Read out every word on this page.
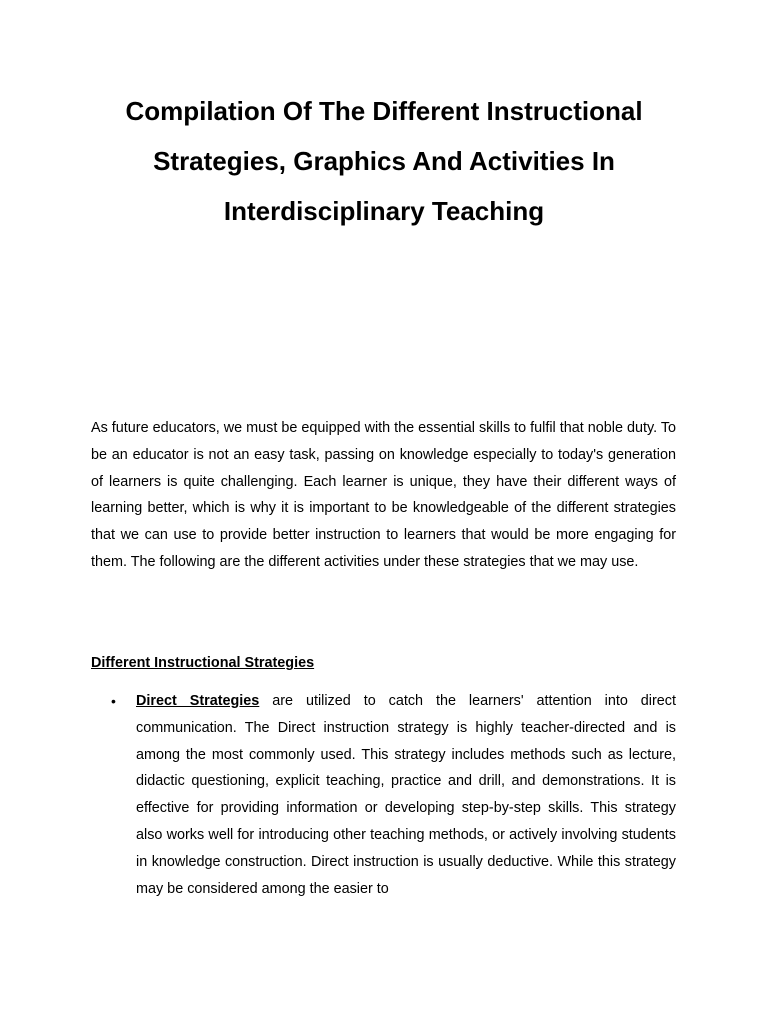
Compilation Of The Different Instructional Strategies, Graphics And Activities In Interdisciplinary Teaching

As future educators, we must be equipped with the essential skills to fulfil that noble duty. To be an educator is not an easy task, passing on knowledge especially to today's generation of learners is quite challenging. Each learner is unique, they have their different ways of learning better, which is why it is important to be knowledgeable of the different strategies that we can use to provide better instruction to learners that would be more engaging for them. The following are the different activities under these strategies that we may use.

Different Instructional Strategies
• Direct Strategies are utilized to catch the learners' attention into direct communication. The Direct instruction strategy is highly teacher-directed and is among the most commonly used. This strategy includes methods such as lecture, didactic questioning, explicit teaching, practice and drill, and demonstrations. It is effective for providing information or developing step-by-step skills. This strategy also works well for introducing other teaching methods, or actively involving students in knowledge construction. Direct instruction is usually deductive. While this strategy may be considered among the easier to
